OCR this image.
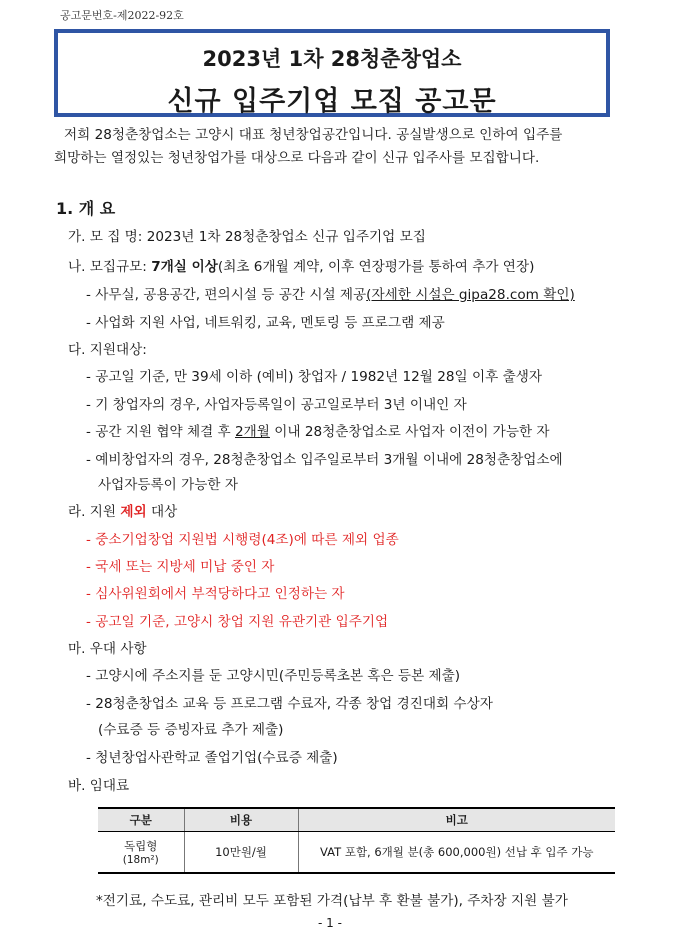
공고문번호-제2022-92호
2023년 1차 28청춘창업소
신규 입주기업 모집 공고문

저희 28청춘창업소는 고양시 대표 청년창업공간입니다. 공실발생으로 인하여 입주를

희망하는 열정있는 청년창업가를 대상으로 다음과 같이 신규 입주사를 모집합니다.

1. 개 요
가. 모 집 명: 2023년 1차 28청춘창업소 신규 입주기업 모집
나. 모집규모: 7개실 이상(최초 6개월 계약, 이후 연장평가를 통하여 추가 연장)
- 사무실, 공용공간, 편의시설 등 공간 시설 제공(자세한 시설은 gipa28.com 확인)
- 사업화 지원 사업, 네트워킹, 교육, 멘토링 등 프로그램 제공
다. 지원대상:
- 공고일 기준, 만 39세 이하 (예비) 창업자 / 1982년 12월 28일 이후 출생자
- 기 창업자의 경우, 사업자등록일이 공고일로부터 3년 이내인 자
- 공간 지원 협약 체결 후 2개월 이내 28청춘창업소로 사업자 이전이 가능한 자
- 예비창업자의 경우, 28청춘창업소 입주일로부터 3개월 이내에 28청춘창업소에
사업자등록이 가능한 자
라. 지원 제외 대상
- 중소기업창업 지원법 시행령(4조)에 따른 제외 업종
- 국세 또는 지방세 미납 중인 자
- 심사위원회에서 부적당하다고 인정하는 자
- 공고일 기준, 고양시 창업 지원 유관기관 입주기업
마. 우대 사항
- 고양시에 주소지를 둔 고양시민(주민등록초본 혹은 등본 제출)
- 28청춘창업소 교육 등 프로그램 수료자, 각종 창업 경진대회 수상자
(수료증 등 증빙자료 추가 제출)
- 청년창업사관학교 졸업기업(수료증 제출)
바. 임대료
구분	비용	비고

독립형
(18m²)	10만원/월	VAT 포함, 6개월 분(총 600,000원) 선납 후 입주 가능
*전기료, 수도료, 관리비 모두 포함된 가격(납부 후 환불 불가), 주차장 지원 불가
- 1 -
